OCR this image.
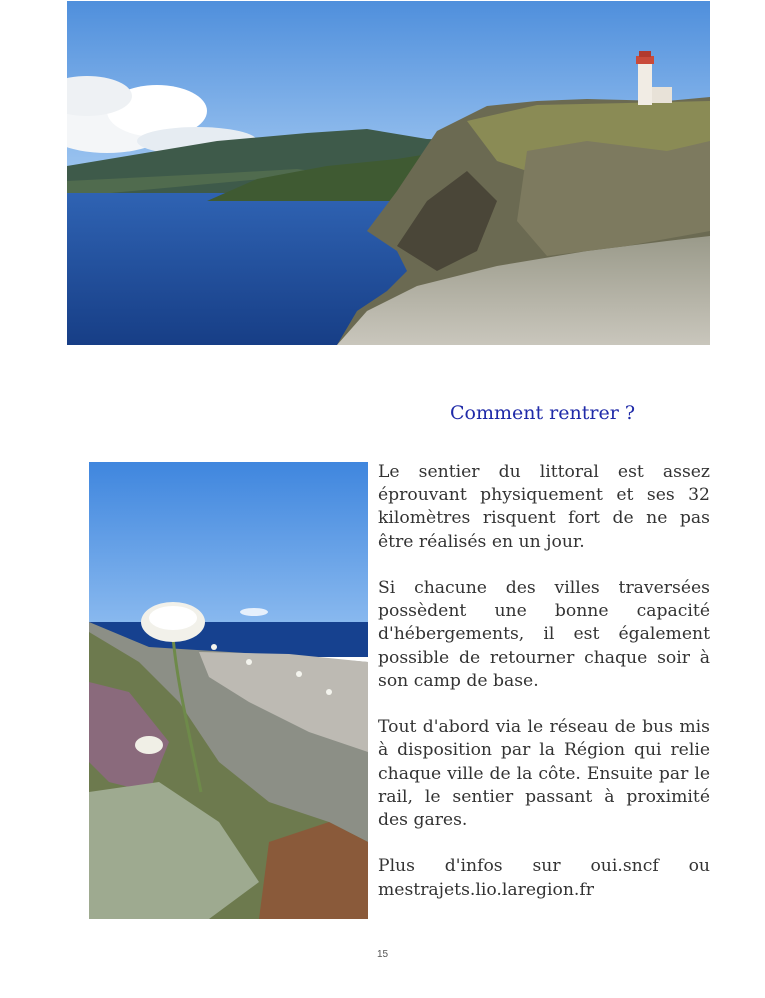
Comment rentrer ?

Le sentier du littoral est assez éprouvant physiquement et ses 32 kilomètres risquent fort de ne pas être réalisés en un jour.

Si chacune des villes traversées possèdent une bonne capacité d'hébergements, il est également possible de retourner chaque soir à son camp de base.

Tout d'abord via le réseau de bus mis à disposition par la Région qui relie chaque ville de la côte. Ensuite par le rail, le sentier passant à proximité des gares.

Plus d'infos sur oui.sncf ou mestrajets.lio.laregion.fr

15
